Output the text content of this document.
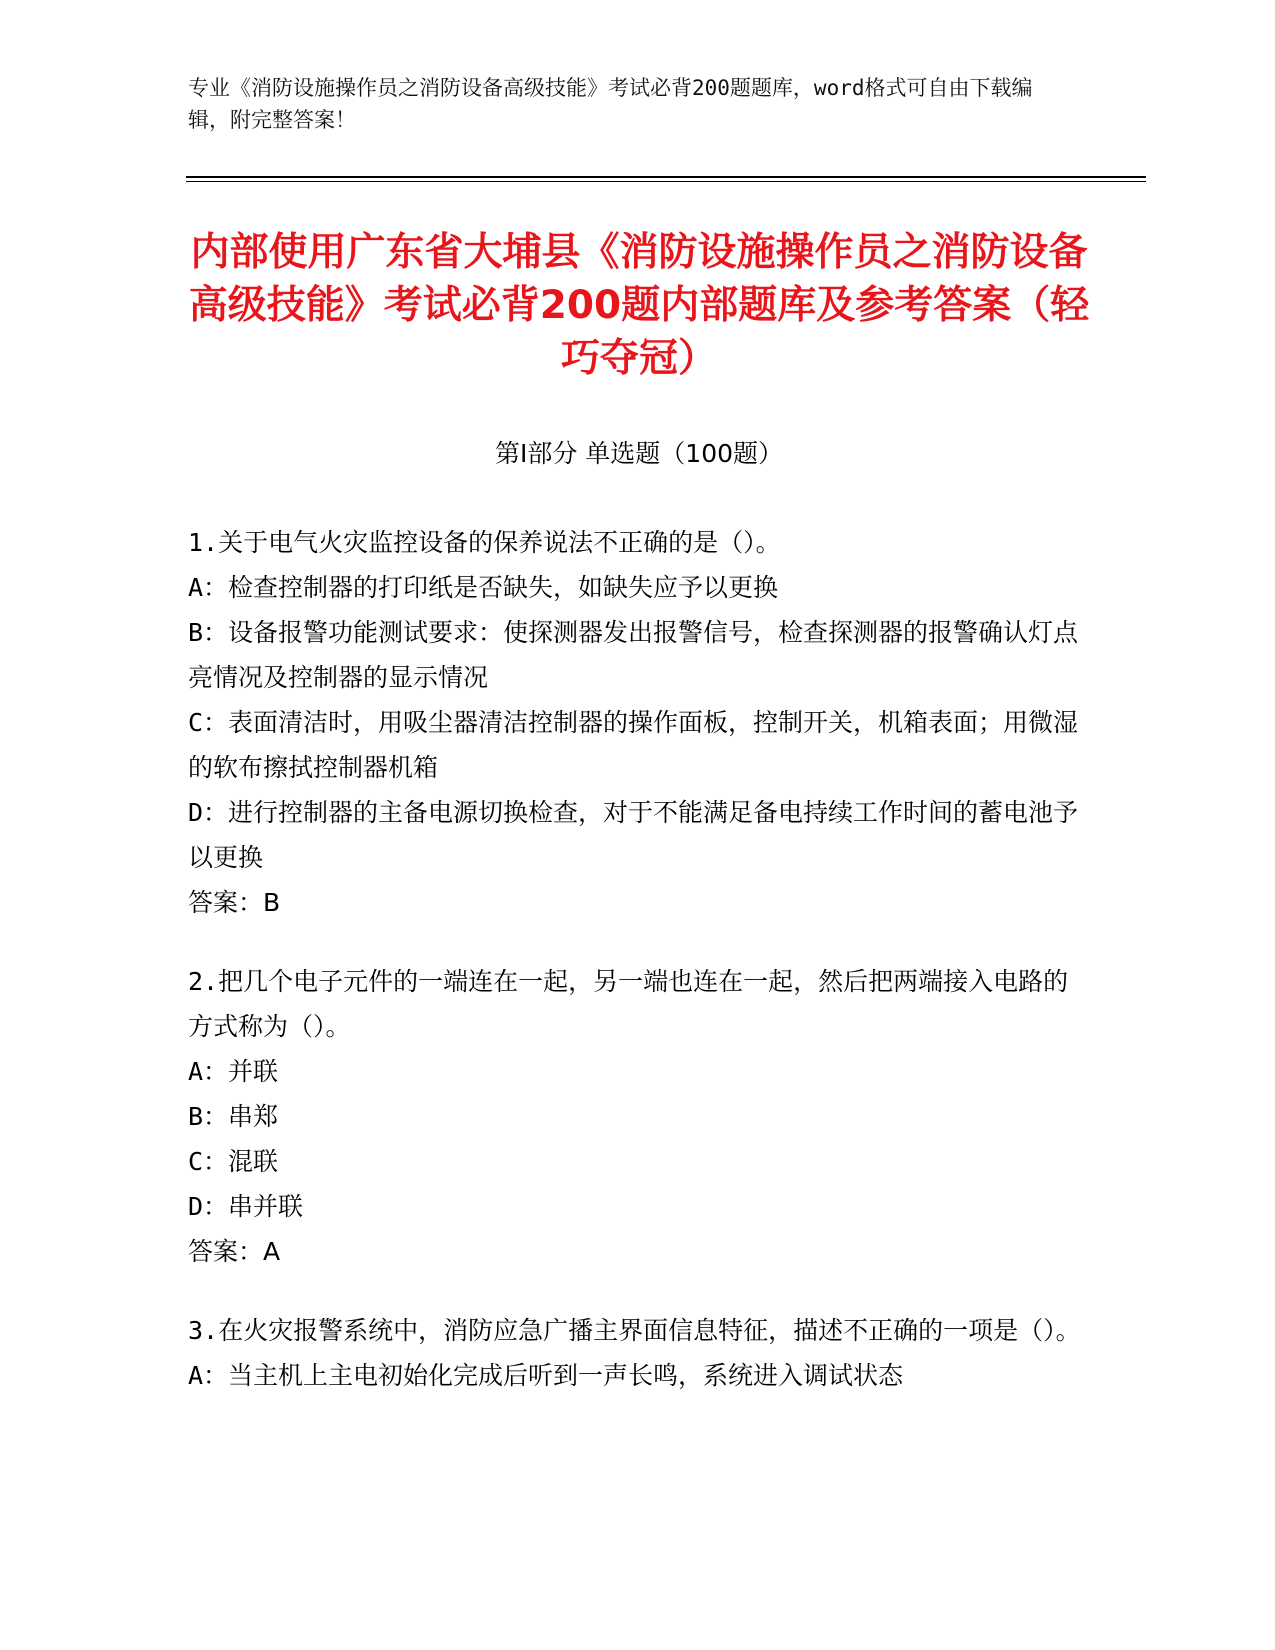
专业《消防设施操作员之消防设备高级技能》考试必背200题题库，word格式可自由下载编辑，附完整答案！
内部使用广东省大埔县《消防设施操作员之消防设备高级技能》考试必背200题内部题库及参考答案（轻巧夺冠）
第I部分 单选题（100题）
1.关于电气火灾监控设备的保养说法不正确的是（）。
A：检查控制器的打印纸是否缺失，如缺失应予以更换
B：设备报警功能测试要求：使探测器发出报警信号，检查探测器的报警确认灯点亮情况及控制器的显示情况
C：表面清洁时，用吸尘器清洁控制器的操作面板，控制开关，机箱表面；用微湿的软布擦拭控制器机箱
D：进行控制器的主备电源切换检查，对于不能满足备电持续工作时间的蓄电池予以更换
答案：B
2.把几个电子元件的一端连在一起，另一端也连在一起，然后把两端接入电路的方式称为（）。
A：并联
B：串郑
C：混联
D：串并联
答案：A
3.在火灾报警系统中，消防应急广播主界面信息特征，描述不正确的一项是（）。
A：当主机上主电初始化完成后听到一声长鸣，系统进入调试状态
